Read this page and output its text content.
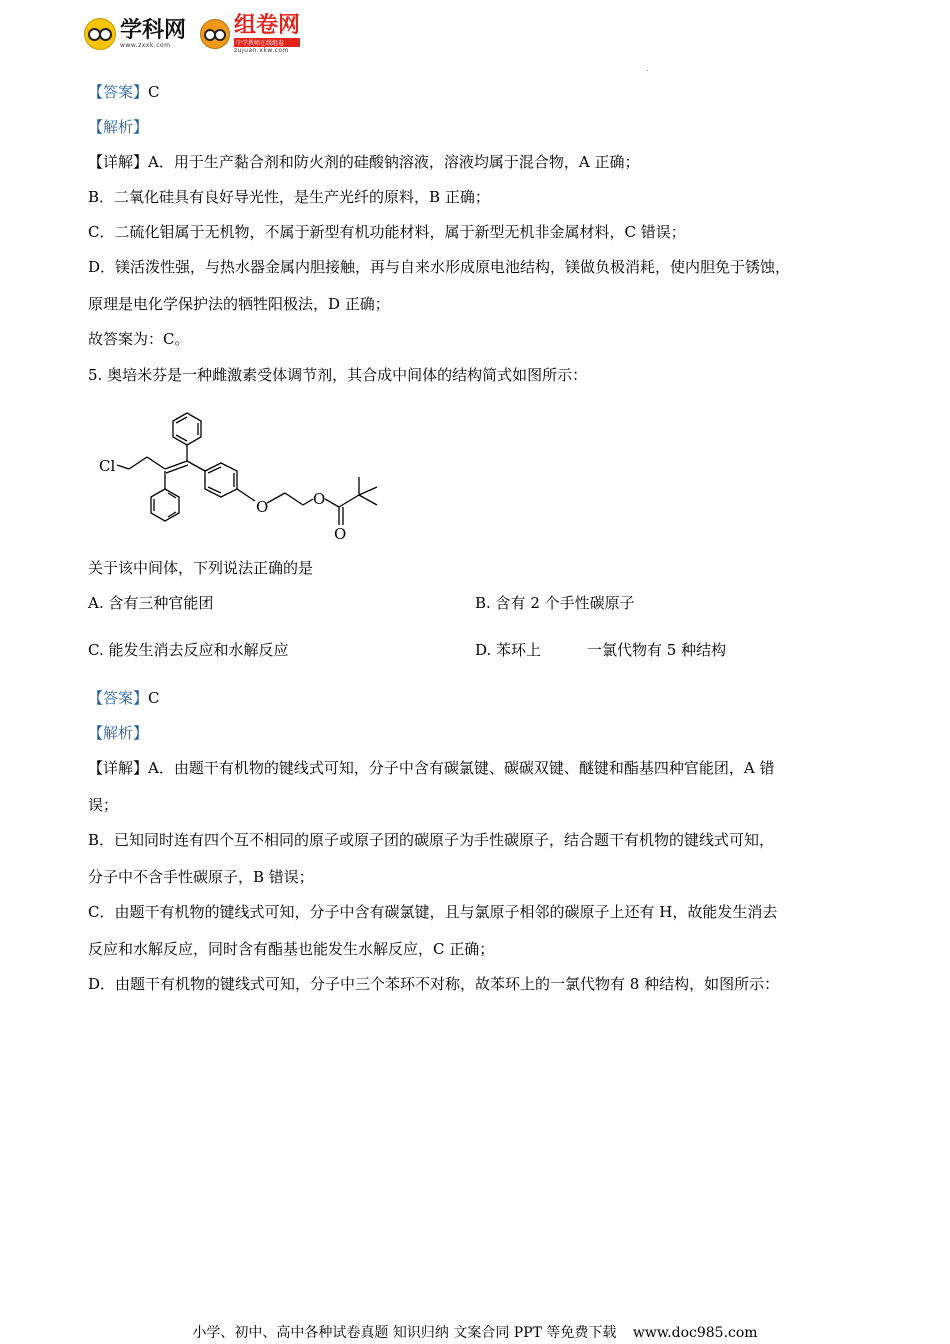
学科网
www.zxxk.com
组卷网
中学教师在线组卷
zujuan.xkw.com
.
【答案】C
【解析】
【详解】A．用于生产黏合剂和防火剂的硅酸钠溶液，溶液均属于混合物，A 正确；
B．二氧化硅具有良好导光性，是生产光纤的原料，B 正确；
C．二硫化钼属于无机物，不属于新型有机功能材料，属于新型无机非金属材料，C 错误；
D．镁活泼性强，与热水器金属内胆接触，再与自来水形成原电池结构，镁做负极消耗，使内胆免于锈蚀，
原理是电化学保护法的牺牲阳极法，D 正确；
故答案为：C。
5. 奥培米芬是一种雌激素受体调节剂，其合成中间体的结构简式如图所示：
Cl
O	O
O
关于该中间体，下列说法正确的是
A. 含有三种官能团	B. 含有 2 个手性碳原子
C. 能发生消去反应和水解反应	D. 苯环上	一氯代物有 5 种结构
【答案】C
【解析】
【详解】A．由题干有机物的键线式可知，分子中含有碳氯键、碳碳双键、醚键和酯基四种官能团，A 错
误；
B．已知同时连有四个互不相同的原子或原子团的碳原子为手性碳原子，结合题干有机物的键线式可知，
分子中不含手性碳原子，B 错误；
C．由题干有机物的键线式可知，分子中含有碳氯键，且与氯原子相邻的碳原子上还有 H，故能发生消去
反应和水解反应，同时含有酯基也能发生水解反应，C 正确；
D．由题干有机物的键线式可知，分子中三个苯环不对称，故苯环上的一氯代物有 8 种结构，如图所示：
小学、初中、高中各种试卷真题 知识归纳 文案合同 PPT 等免费下载 www.doc985.com
